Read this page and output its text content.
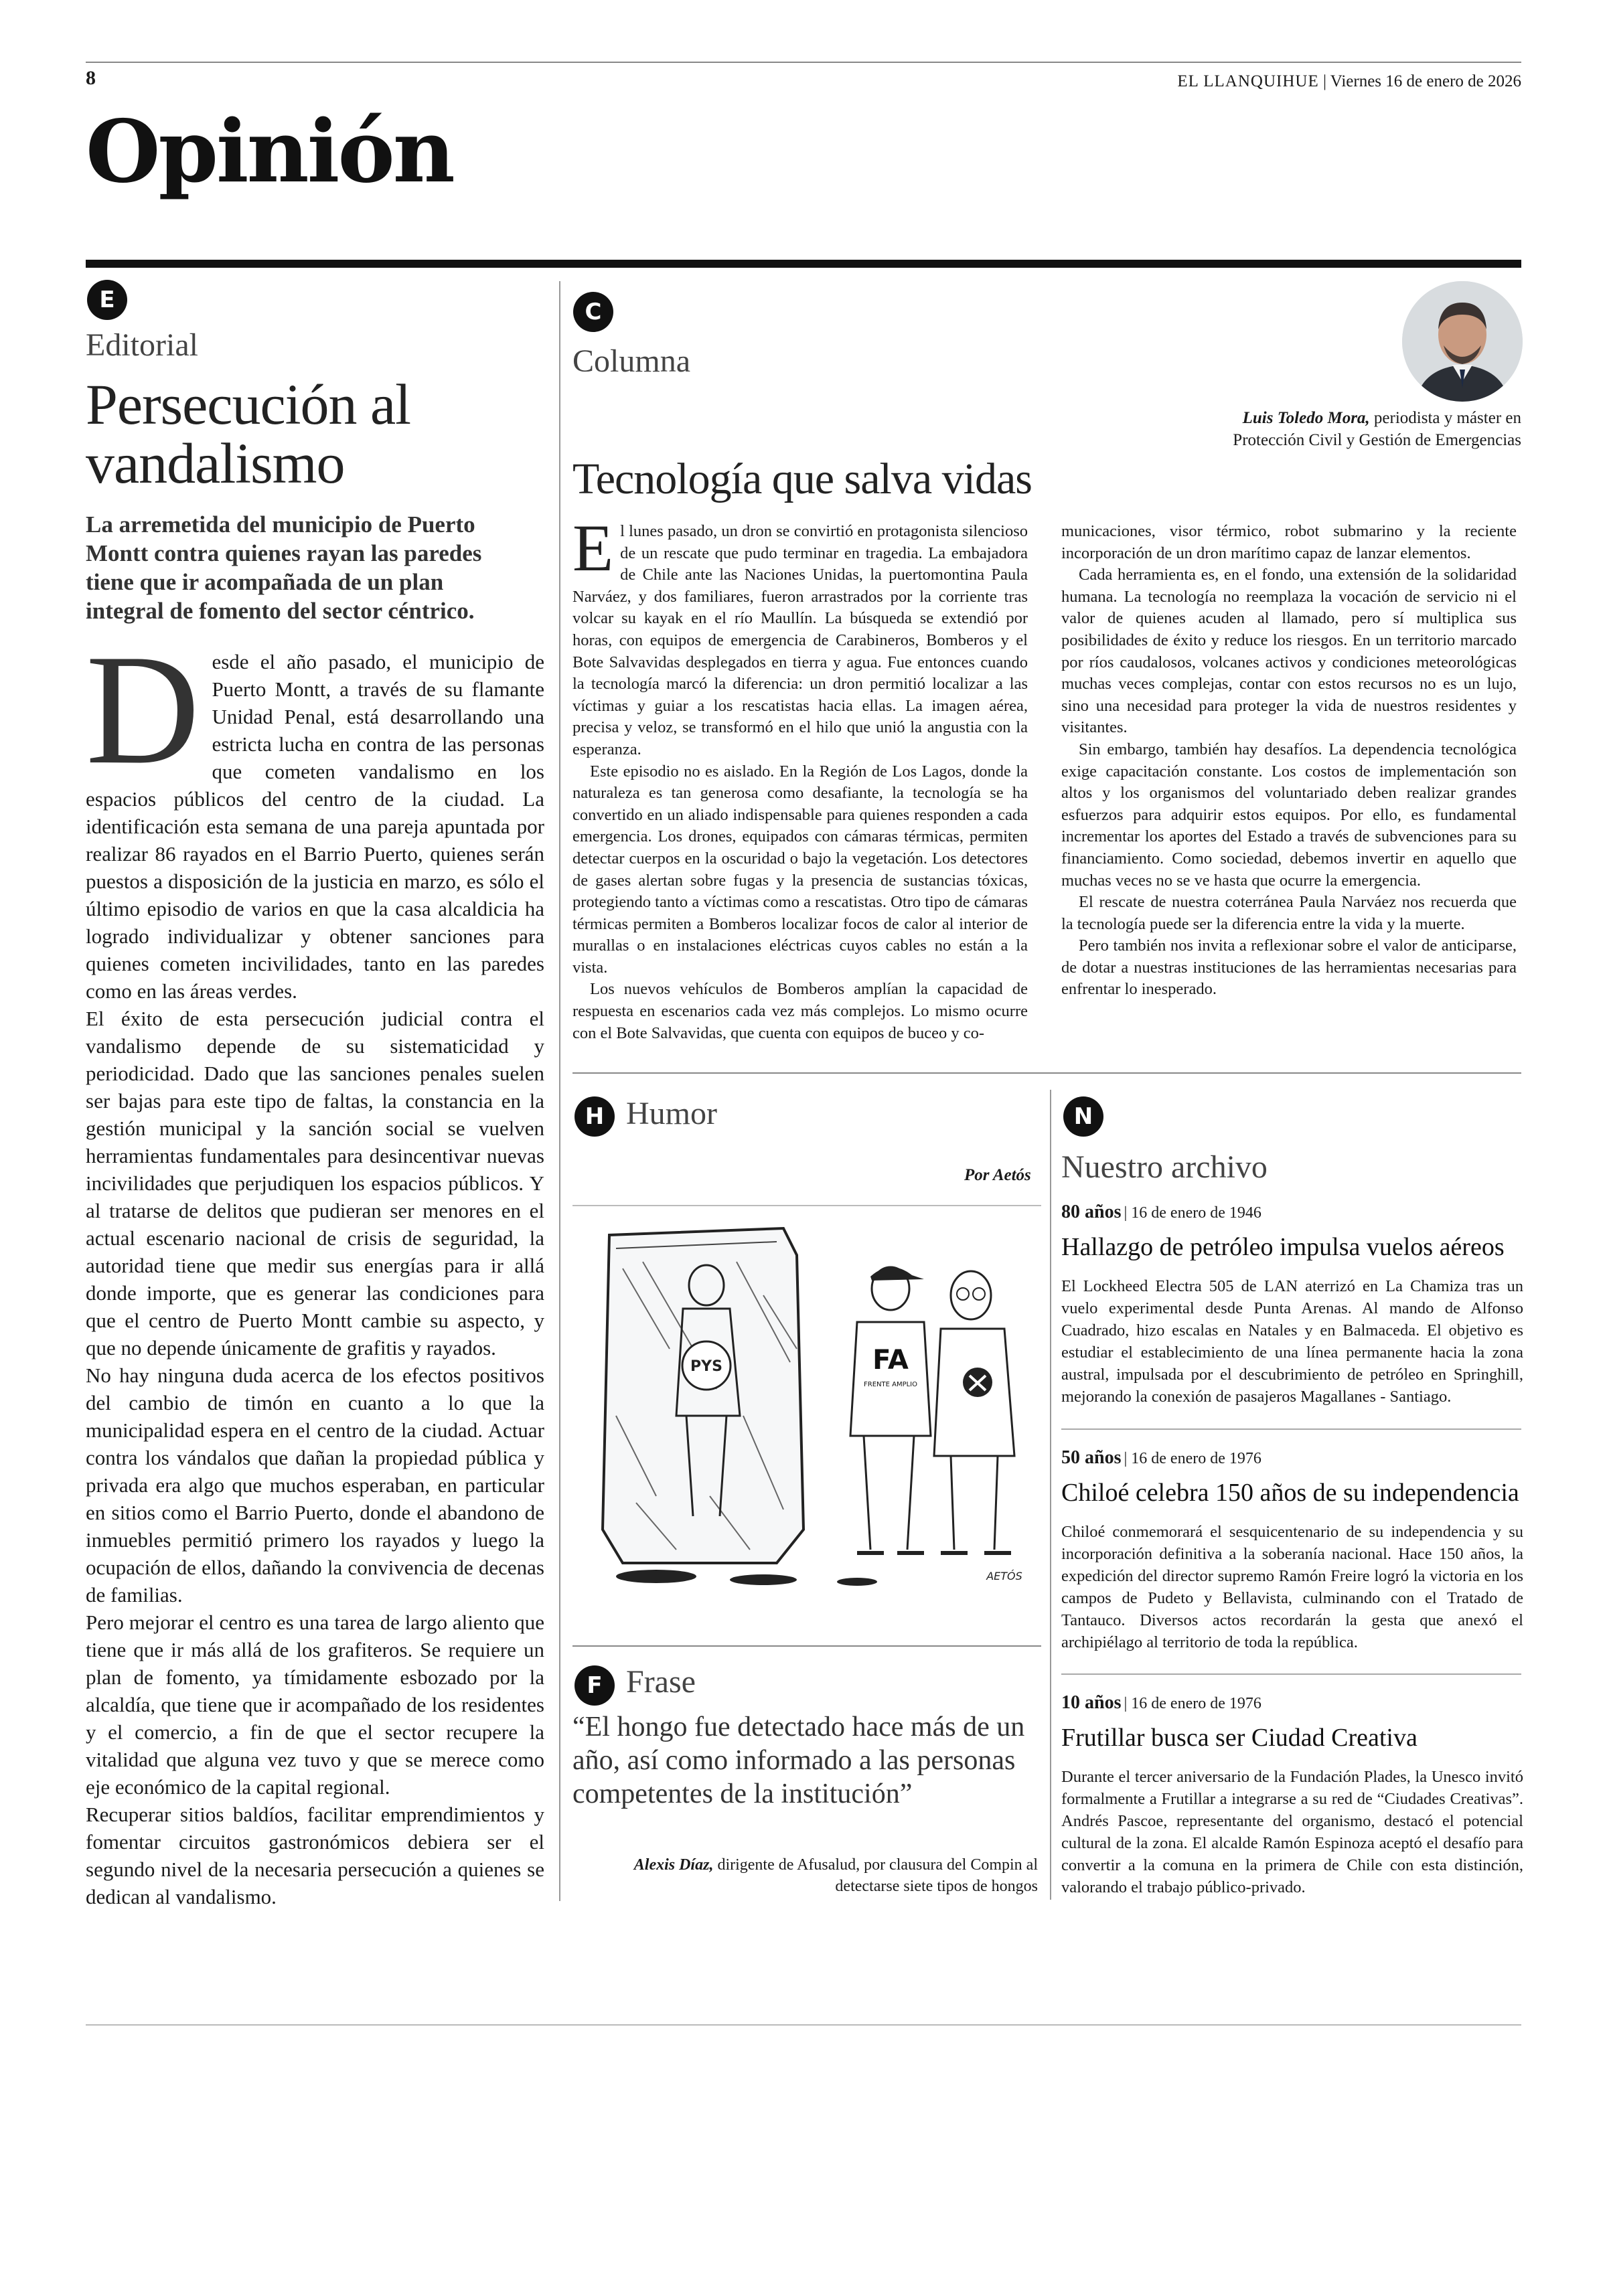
8	EL LLANQUIHUE | Viernes 16 de enero de 2026
Opinión
E
Editorial
Persecución al vandalismo
La arremetida del municipio de Puerto Montt contra quienes rayan las paredes tiene que ir acompañada de un plan integral de fomento del sector céntrico.

Desde el año pasado, el municipio de Puerto Montt, a través de su flamante Unidad Penal, está desarrollando una estricta lucha en contra de las personas que cometen vandalismo en los espacios públicos del centro de la ciudad. La identificación esta semana de una pareja apuntada por realizar 86 rayados en el Barrio Puerto, quienes serán puestos a disposición de la justicia en marzo, es sólo el último episodio de varios en que la casa alcaldicia ha logrado individualizar y obtener sanciones para quienes cometen incivilidades, tanto en las paredes como en las áreas verdes.

El éxito de esta persecución judicial contra el vandalismo depende de su sistematicidad y periodicidad. Dado que las sanciones penales suelen ser bajas para este tipo de faltas, la constancia en la gestión municipal y la sanción social se vuelven herramientas fundamentales para desincentivar nuevas incivilidades que perjudiquen los espacios públicos. Y al tratarse de delitos que pudieran ser menores en el actual escenario nacional de crisis de seguridad, la autoridad tiene que medir sus energías para ir allá donde importe, que es generar las condiciones para que el centro de Puerto Montt cambie su aspecto, y que no depende únicamente de grafitis y rayados.

No hay ninguna duda acerca de los efectos positivos del cambio de timón en cuanto a lo que la municipalidad espera en el centro de la ciudad. Actuar contra los vándalos que dañan la propiedad pública y privada era algo que muchos esperaban, en particular en sitios como el Barrio Puerto, donde el abandono de inmuebles permitió primero los rayados y luego la ocupación de ellos, dañando la convivencia de decenas de familias.

Pero mejorar el centro es una tarea de largo aliento que tiene que ir más allá de los grafiteros. Se requiere un plan de fomento, ya tímidamente esbozado por la alcaldía, que tiene que ir acompañado de los residentes y el comercio, a fin de que el sector recupere la vitalidad que alguna vez tuvo y que se merece como eje económico de la capital regional.

Recuperar sitios baldíos, facilitar emprendimientos y fomentar circuitos gastronómicos debiera ser el segundo nivel de la necesaria persecución a quienes se dedican al vandalismo.

C
Columna
Luis Toledo Mora, periodista y máster en Protección Civil y Gestión de Emergencias
Tecnología que salva vidas

El lunes pasado, un dron se convirtió en protagonista silencioso de un rescate que pudo terminar en tragedia. La embajadora de Chile ante las Naciones Unidas, la puertomontina Paula Narváez, y dos familiares, fueron arrastrados por la corriente tras volcar su kayak en el río Maullín. La búsqueda se extendió por horas, con equipos de emergencia de Carabineros, Bomberos y el Bote Salvavidas desplegados en tierra y agua. Fue entonces cuando la tecnología marcó la diferencia: un dron permitió localizar a las víctimas y guiar a los rescatistas hacia ellas. La imagen aérea, precisa y veloz, se transformó en el hilo que unió la angustia con la esperanza.

Este episodio no es aislado. En la Región de Los Lagos, donde la naturaleza es tan generosa como desafiante, la tecnología se ha convertido en un aliado indispensable para quienes responden a cada emergencia. Los drones, equipados con cámaras térmicas, permiten detectar cuerpos en la oscuridad o bajo la vegetación. Los detectores de gases alertan sobre fugas y la presencia de sustancias tóxicas, protegiendo tanto a víctimas como a rescatistas. Otro tipo de cámaras térmicas permiten a Bomberos localizar focos de calor al interior de murallas o en instalaciones eléctricas cuyos cables no están a la vista.

Los nuevos vehículos de Bomberos amplían la capacidad de respuesta en escenarios cada vez más complejos. Lo mismo ocurre con el Bote Salvavidas, que cuenta con equipos de buceo y co-

municaciones, visor térmico, robot submarino y la reciente incorporación de un dron marítimo capaz de lanzar elementos.

Cada herramienta es, en el fondo, una extensión de la solidaridad humana. La tecnología no reemplaza la vocación de servicio ni el valor de quienes acuden al llamado, pero sí multiplica sus posibilidades de éxito y reduce los riesgos. En un territorio marcado por ríos caudalosos, volcanes activos y condiciones meteorológicas muchas veces complejas, contar con estos recursos no es un lujo, sino una necesidad para proteger la vida de nuestros residentes y visitantes.

Sin embargo, también hay desafíos. La dependencia tecnológica exige capacitación constante. Los costos de implementación son altos y los organismos del voluntariado deben realizar grandes esfuerzos para adquirir estos equipos. Por ello, es fundamental incrementar los aportes del Estado a través de subvenciones para su financiamiento. Como sociedad, debemos invertir en aquello que muchas veces no se ve hasta que ocurre la emergencia.

El rescate de nuestra coterránea Paula Narváez nos recuerda que la tecnología puede ser la diferencia entre la vida y la muerte.

Pero también nos invita a reflexionar sobre el valor de anticiparse, de dotar a nuestras instituciones de las herramientas necesarias para enfrentar lo inesperado.

H Humor
Por Aetós
PYS	FA
FRENTE AMPLIO
AETÓS
F Frase
“El hongo fue detectado hace más de un año, así como informado a las personas competentes de la institución”
Alexis Díaz, dirigente de Afusalud, por clausura del Compin al detectarse siete tipos de hongos
N
Nuestro archivo
80 años | 16 de enero de 1946
Hallazgo de petróleo impulsa vuelos aéreos
El Lockheed Electra 505 de LAN aterrizó en La Chamiza tras un vuelo experimental desde Punta Arenas. Al mando de Alfonso Cuadrado, hizo escalas en Natales y en Balmaceda. El objetivo es estudiar el establecimiento de una línea permanente hacia la zona austral, impulsada por el descubrimiento de petróleo en Springhill, mejorando la conexión de pasajeros Magallanes - Santiago.
50 años | 16 de enero de 1976
Chiloé celebra 150 años de su independencia
Chiloé conmemorará el sesquicentenario de su independencia y su incorporación definitiva a la soberanía nacional. Hace 150 años, la expedición del director supremo Ramón Freire logró la victoria en los campos de Pudeto y Bellavista, culminando con el Tratado de Tantauco. Diversos actos recordarán la gesta que anexó el archipiélago al territorio de toda la república.
10 años | 16 de enero de 1976
Frutillar busca ser Ciudad Creativa
Durante el tercer aniversario de la Fundación Plades, la Unesco invitó formalmente a Frutillar a integrarse a su red de “Ciudades Creativas”. Andrés Pascoe, representante del organismo, destacó el potencial cultural de la zona. El alcalde Ramón Espinoza aceptó el desafío para convertir a la comuna en la primera de Chile con esta distinción, valorando el trabajo público-privado.
